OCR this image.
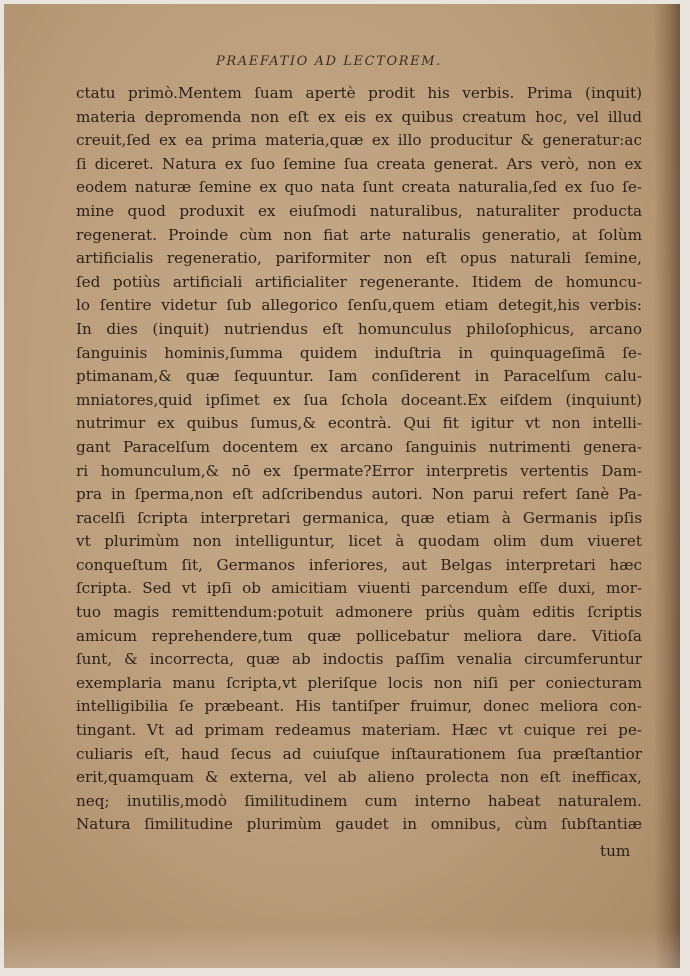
PRAEFATIO AD LECTOREM.
ctatu primò.Mentem ſuam apertè prodit his verbis. Prima (inquit)
materia depromenda non eſt ex eis ex quibus creatum hoc, vel illud
creuit,ſed ex ea prima materia,quæ ex illo producitur & generatur:ac
ſi diceret. Natura ex ſuo ſemine ſua creata generat. Ars verò, non ex
eodem naturæ ſemine ex quo nata ſunt creata naturalia,ſed ex ſuo ſe-
mine quod produxit ex eiuſmodi naturalibus, naturaliter producta
regenerat. Proinde cùm non fiat arte naturalis generatio, at ſolùm
artificialis regeneratio, pariformiter non eſt opus naturali ſemine,
ſed potiùs artificiali artificialiter regenerante. Itidem de homuncu-
lo ſentire videtur ſub allegorico ſenſu,quem etiam detegit,his verbis:
In dies (inquit) nutriendus eſt homunculus philoſophicus, arcano
ſanguinis hominis,ſumma quidem induſtria in quinquageſimā ſe-
ptimanam,& quæ ſequuntur. Iam conſiderent in Paracelſum calu-
mniatores,quid ipſimet ex ſua ſchola doceant.Ex eiſdem (inquiunt)
nutrimur ex quibus ſumus,& econtrà. Qui fit igitur vt non intelli-
gant Paracelſum docentem ex arcano ſanguinis nutrimenti genera-
ri homunculum,& nō ex ſpermate?Error interpretis vertentis Dam-
pra in ſperma,non eſt adſcribendus autori. Non parui refert ſanè Pa-
racelſi ſcripta interpretari germanica, quæ etiam à Germanis ipſis
vt plurimùm non intelliguntur, licet à quodam olim dum viueret
conqueſtum ſit, Germanos inferiores, aut Belgas interpretari hæc
ſcripta. Sed vt ipſi ob amicitiam viuenti parcendum eſſe duxi, mor-
tuo magis remittendum:potuit admonere priùs quàm editis ſcriptis
amicum reprehendere,tum quæ pollicebatur meliora dare. Vitioſa
ſunt, & incorrecta, quæ ab indoctis paſſim venalia circumferuntur
exemplaria manu ſcripta,vt pleriſque locis non niſi per coniecturam
intelligibilia ſe præbeant. His tantiſper fruimur, donec meliora con-
tingant. Vt ad primam redeamus materiam. Hæc vt cuique rei pe-
culiaris eſt, haud ſecus ad cuiuſque inſtaurationem ſua præſtantior
erit,quamquam & externa, vel ab alieno prolecta non eſt inefficax,
neq; inutilis,modò ſimilitudinem cum interno habeat naturalem.
Natura ſimilitudine plurimùm gaudet in omnibus, cùm ſubſtantiæ
tum
